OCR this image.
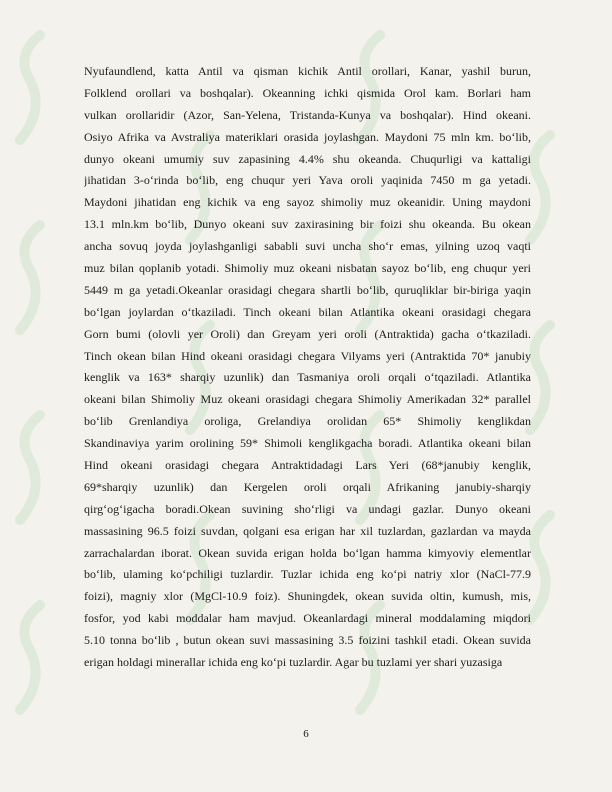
Nyufaundlend, katta Antil va qisman kichik Antil orollari, Kanar, yashil burun,
Folklend orollari va boshqalar). Okeanning ichki qismida Orol kam. Borlari ham
vulkan orollaridir (Azor, San-Yelena, Tristanda-Kunya va boshqalar). Hind okeani.
Osiyo Afrika va Avstraliya materiklari orasida joylashgan. Maydoni 75 mln km. bo‘lib,
dunyo okeani umumiy suv zapasining 4.4% shu okeanda. Chuqurligi va kattaligi
jihatidan 3-o‘rinda bo‘lib, eng chuqur yeri Yava oroli yaqinida 7450 m ga yetadi.
Maydoni jihatidan eng kichik va eng sayoz shimoliy muz okeanidir. Uning maydoni
13.1 mln.km bo‘lib, Dunyo okeani suv zaxirasining bir foizi shu okeanda. Bu okean
ancha sovuq joyda joylashganligi sababli suvi uncha sho‘r emas, yilning uzoq vaqti
muz bilan qoplanib yotadi. Shimoliy muz okeani nisbatan sayoz bo‘lib, eng chuqur yeri
5449 m ga yetadi.Okeanlar orasidagi chegara shartli bo‘lib, quruqliklar bir-biriga yaqin
bo‘lgan joylardan o‘tkaziladi. Tinch okeani bilan Atlantika okeani orasidagi chegara
Gorn bumi (olovli yer Oroli) dan Greyam yeri oroli (Antraktida) gacha o‘tkaziladi.
Tinch okean bilan Hind okeani orasidagi chegara Vilyams yeri (Antraktida 70* janubiy
kenglik va 163* sharqiy uzunlik) dan Tasmaniya oroli orqali o‘tqaziladi. Atlantika
okeani bilan Shimoliy Muz okeani orasidagi chegara Shimoliy Amerikadan 32* parallel
bo‘lib Grenlandiya oroliga, Grelandiya orolidan 65* Shimoliy kenglikdan
Skandinaviya yarim orolining 59* Shimoli kenglikgacha boradi. Atlantika okeani bilan
Hind okeani orasidagi chegara Antraktidadagi Lars Yeri (68*janubiy kenglik,
69*sharqiy uzunlik) dan Kergelen oroli orqali Afrikaning janubiy-sharqiy
qirg‘og‘igacha boradi.Okean suvining sho‘rligi va undagi gazlar. Dunyo okeani
massasining 96.5 foizi suvdan, qolgani esa erigan har xil tuzlardan, gazlardan va mayda
zarrachalardan iborat. Okean suvida erigan holda bo‘lgan hamma kimyoviy elementlar
bo‘lib, ulaming ko‘pchiligi tuzlardir. Tuzlar ichida eng ko‘pi natriy xlor (NaCl-77.9
foizi), magniy xlor (MgCl-10.9 foiz). Shuningdek, okean suvida oltin, kumush, mis,
fosfor, yod kabi moddalar ham mavjud. Okeanlardagi mineral moddalaming miqdori
5.10 tonna bo‘lib , butun okean suvi massasining 3.5 foizini tashkil etadi. Okean suvida
erigan holdagi minerallar ichida eng ko‘pi tuzlardir. Agar bu tuzlami yer shari yuzasiga
6
